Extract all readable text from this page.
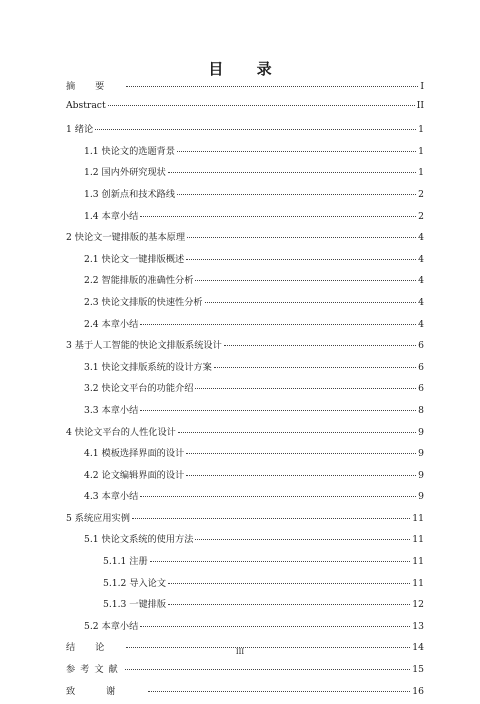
目 录
摘要	I
Abstract	II
1 绪论	1
1.1 快论文的选题背景	1
1.2 国内外研究现状	1
1.3 创新点和技术路线	2
1.4 本章小结	2
2 快论文一键排版的基本原理	4
2.1 快论文一键排版概述	4
2.2 智能排版的准确性分析	4
2.3 快论文排版的快速性分析	4
2.4 本章小结	4
3 基于人工智能的快论文排版系统设计	6
3.1 快论文排版系统的设计方案	6
3.2 快论文平台的功能介绍	6
3.3 本章小结	8
4 快论文平台的人性化设计	9
4.1 模板选择界面的设计	9
4.2 论文编辑界面的设计	9
4.3 本章小结	9
5 系统应用实例	11
5.1 快论文系统的使用方法	11
5.1.1 注册	11
5.1.2 导入论文	11
5.1.3 一键排版	12
5.2 本章小结	13
结论	14
参考文献	15
致谢	16
III
